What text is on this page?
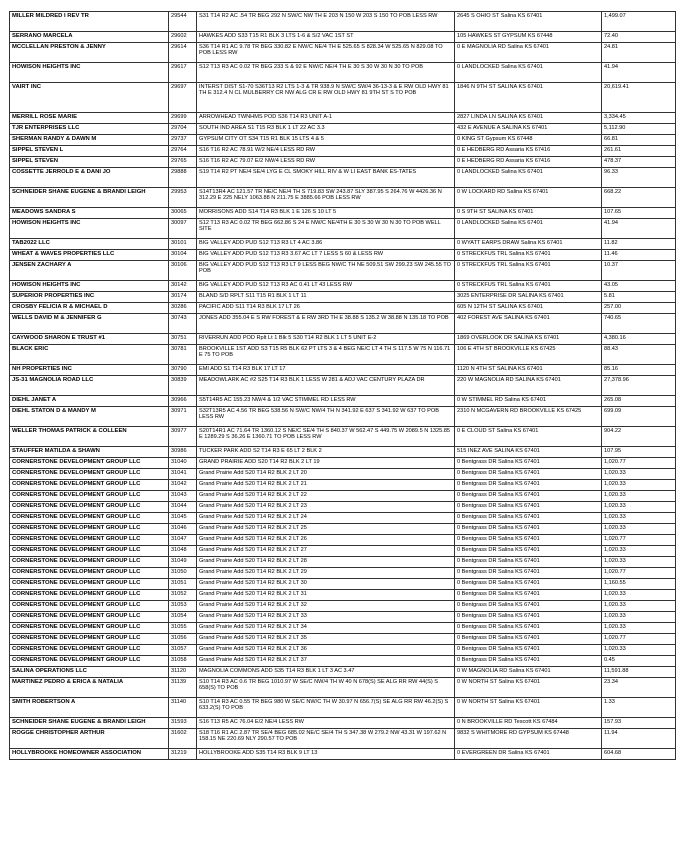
MILLER MILDRED I REV TR	29544	S31 T14 R2 AC .54 TR BEG 292 N SW/C NW TH E 203 N 150 W 203 S 150 TO POB LESS RW	2645 S OHIO ST Salina KS 67401	1,499.07
SERRANO MARCELA	29602	HAWKES ADD S33 T15 R1 BLK 3 LTS 1-6 & S/2 VAC 1ST ST	105 HAWKES ST GYPSUM KS 67448	72.40
MCCLELLAN PRESTON & JENNY	29614	S36 T14 R1 AC 9.78 TR BEG 330.82 E NW/C NE/4 TH E 525.65 S 828.34 W 525.65 N 829.08 TO POB LESS RW	0 E MAGNOLIA RD Salina KS 67401	24.81
HOWISON HEIGHTS INC	29617	S12 T13 R3 AC 0.02 TR BEG 233 S & 92 E NW/C NE/4 TH E 30 S 30 W 30 N 30 TO POB	0 LANDLOCKED Salina KS 67401	41.94
VAIRT INC	29697	INTERST DIST S1-70 S36T13 R2 LTS 1-3 & TR 938.9 N SW/C SW/4 36-13-3 & E RW OLD HWY 81 TH E 312.4 N CL MULBERRY CR NW ALG CR E RW OLD HWY 81 9TH ST S TO POB	1846 N 9TH ST SALINA KS 67401	20,619.41
MERRILL ROSE MARIE	29699	ARROWHEAD TWNHMS POD S36 T14 R3 UNIT A-1	2827 LINDA LN SALINA KS 67401	3,334.45
TJR ENTERPRISES LLC	29704	SOUTH IND AREA S1 T15 R3 BLK 1 LT 22 AC 3.3	432 E AVENUE A SALINA KS 67401	5,112.90
SHERMAN RANDY & DAWN M	29737	GYPSUM CITY OT S34 T15 R1 BLK 15 LTS 4 & 5	0 KING ST Gypsum KS 67448	66.81
SIPPEL STEVEN L	29764	S16 T16 R2 AC 78.91 W/2 NE/4 LESS RD RW	0 E HEDBERG RD Assaria KS 67416	261.61
SIPPEL STEVEN	29765	S16 T16 R2 AC 79.07 E/2 NW/4 LESS RD RW	0 E HEDBERG RD Assaria KS 67416	478.37
COSSETTE JERROLD E & DANI JO	29888	S19 T14 R2 PT NE/4 SE/4 LYG E CL SMOKY HILL RIV & W LI EAST BANK ES-TATES	0 LANDLOCKED Salina KS 67401	96.33
SCHNEIDER SHANE EUGENE & BRANDI LEIGH	29953	S14T13R4 AC 121.57 TR NE/C NE/4 TH S 719.83 SW 243.87 SLY 387.95 S 264.76 W 4426.36 N 312.29 E 225 NELY 1063.88 N 211.75 E 3885.66 POB LESS RW	0 W LOCKARD RD Salina KS 67401	668.22
MEADOWS SANDRA S	30065	MORRISONS ADD S14 T14 R3 BLK 1 E 126 S 10 LT 5	0 S 9TH ST SALINA KS 67401	107.65
HOWISON HEIGHTS INC	30097	S12 T13 R3 AC 0.02 TR BEG 662.86 S 24 E NW/C NE/4TH E 30 S 30 W 30 N 30 TO POB WELL SITE	0 LANDLOCKED Salina KS 67401	41.94
TAB2022 LLC	30101	BIG VALLEY ADD PUD S12 T13 R3 LT 4 AC 3.86	0 WYATT EARPS DRAW Salina KS 67401	11.82
WHEAT & WAVES PROPERTIES LLC	30104	BIG VALLEY ADD PUD S12 T13 R3 3.67 AC LT 7 LESS S 60 & LESS RW	0 STRECKFUS TRL Salina KS 67401	11.46
JENSEN ZACHARY A	30106	BIG VALLEY ADD PUD S12 T13 R3 LT 9 LESS BEG NW/C TH NE 509.51 SW 299.23 SW 245.55 TO POB	0 STRECKFUS TRL Salina KS 67401	10.37
HOWISON HEIGHTS INC	30142	BIG VALLEY ADD PUD S12 T13 R3 AC 0.41 LT 43 LESS RW	0 STRECKFUS TRL Salina KS 67401	43.05
SUPERIOR PROPERTIES INC	30174	BLAND S/D RPLT S11 T15 R1 BLK 1 LT 11	3025 ENTERPRISE DR SALINA KS 67401	5.81
CROSBY FELICIA R & MICHAEL D	30286	PACIFIC ADD S11 T14 R3 BLK 17 LT 26	605 N 12TH ST SALINA KS 67401	257.00
WELLS DAVID M & JENNIFER G	30743	JONES ADD 355.04 E S RW FOREST & E RW 3RD TH E 38.88 S 135.2 W 38.88 N 135.18 TO POB	402 FOREST AVE SALINA KS 67401	740.65
CAYWOOD SHARON E TRUST #1	30751	RIVERRUN ADD POD Rplt Lt 1 Blk 5 S30 T14 R2 BLK 1 LT 5 UNIT E-2	1869 OVERLOOK DR SALINA KS 67401	4,380.16
BLACK ERIC	30781	BROOKVILLE 1ST ADD S3 T15 R5 BLK 62 PT LTS 3 & 4 BEG NE/C LT 4 TH S 117.5 W 75 N 116.71 E 75 TO POB	106 E 4TH ST BROOKVILLE KS 67425	88.43
NH PROPERTIES INC	30790	EMI ADD S1 T14 R3 BLK 17 LT 17	1120 N 4TH ST SALINA KS 67401	85.16
JS-31 MAGNOLIA ROAD LLC	30839	MEADOWLARK AC #2 S25 T14 R3 BLK 1 LESS W 281 & ADJ VAC CENTURY PLAZA DR	220 W MAGNOLIA RD SALINA KS 67401	27,378.96
DIEHL JANET A	30966	S5T14R5 AC 155.23 NW/4 & 1/2 VAC STIMMEL RD LESS RW	0 W STIMMEL RD Salina KS 67401	265.08
DIEHL STATON D & MANDY M	30971	S32T13R5 AC 4.56 TR BEG 538.56 N SW/C NW/4 TH N 341.92 E 637 S 341.92 W 637 TO POB LESS RW	2310 N MCGAVERN RD BROOKVILLE KS 67425	699.09
WELLER THOMAS PATRICK & COLLEEN	30977	S20T14R1 AC 71.64 TR 1360.12 S NE/C SE/4 TH S 840.37 W 562.47 S 449.75 W 2089.5 N 1325.85 E 1289.29 S 36.26 E 1360.71 TO POB LESS RW	0 E CLOUD ST Salina KS 67401	904.22
STAUFFER MATILDA & SHAWN	30986	TUCKER PARK ADD S2 T14 R3 E 65 LT 2 BLK 2	515 INEZ AVE SALINA KS 67401	107.95
CORNERSTONE DEVELOPMENT GROUP LLC	31040	GRAND PRAIRIE ADD S20 T14 R2 BLK 2 LT 19	0 Bentgrass DR Salina KS 67401	1,020.77
CORNERSTONE DEVELOPMENT GROUP LLC	31041	Grand Prairie Add S20 T14 R2 BLK 2 LT 20	0 Bentgrass DR Salina KS 67401	1,020.33
CORNERSTONE DEVELOPMENT GROUP LLC	31042	Grand Prairie Add S20 T14 R2 BLK 2 LT 21	0 Bentgrass DR Salina KS 67401	1,020.33
CORNERSTONE DEVELOPMENT GROUP LLC	31043	Grand Prairie Add S20 T14 R2 BLK 2 LT 22	0 Bentgrass DR Salina KS 67401	1,020.33
CORNERSTONE DEVELOPMENT GROUP LLC	31044	Grand Prairie Add S20 T14 R2 BLK 2 LT 23	0 Bentgrass DR Salina KS 67401	1,020.33
CORNERSTONE DEVELOPMENT GROUP LLC	31045	Grand Prairie Add S20 T14 R2 BLK 2 LT 24	0 Bentgrass DR Salina KS 67401	1,020.33
CORNERSTONE DEVELOPMENT GROUP LLC	31046	Grand Prairie Add S20 T14 R2 BLK 2 LT 25	0 Bentgrass DR Salina KS 67401	1,020.33
CORNERSTONE DEVELOPMENT GROUP LLC	31047	Grand Prairie Add S20 T14 R2 BLK 2 LT 26	0 Bentgrass DR Salina KS 67401	1,020.77
CORNERSTONE DEVELOPMENT GROUP LLC	31048	Grand Prairie Add S20 T14 R2 BLK 2 LT 27	0 Bentgrass DR Salina KS 67401	1,020.33
CORNERSTONE DEVELOPMENT GROUP LLC	31049	Grand Prairie Add S20 T14 R2 BLK 2 LT 28	0 Bentgrass DR Salina KS 67401	1,020.33
CORNERSTONE DEVELOPMENT GROUP LLC	31050	Grand Prairie Add S20 T14 R2 BLK 2 LT 29	0 Bentgrass DR Salina KS 67401	1,020.77
CORNERSTONE DEVELOPMENT GROUP LLC	31051	Grand Prairie Add S20 T14 R2 BLK 2 LT 30	0 Bentgrass DR Salina KS 67401	1,160.55
CORNERSTONE DEVELOPMENT GROUP LLC	31052	Grand Prairie Add S20 T14 R2 BLK 2 LT 31	0 Bentgrass DR Salina KS 67401	1,020.33
CORNERSTONE DEVELOPMENT GROUP LLC	31053	Grand Prairie Add S20 T14 R2 BLK 2 LT 32	0 Bentgrass DR Salina KS 67401	1,020.33
CORNERSTONE DEVELOPMENT GROUP LLC	31054	Grand Prairie Add S20 T14 R2 BLK 2 LT 33	0 Bentgrass DR Salina KS 67401	1,020.33
CORNERSTONE DEVELOPMENT GROUP LLC	31055	Grand Prairie Add S20 T14 R2 BLK 2 LT 34	0 Bentgrass DR Salina KS 67401	1,020.33
CORNERSTONE DEVELOPMENT GROUP LLC	31056	Grand Prairie Add S20 T14 R2 BLK 2 LT 35	0 Bentgrass DR Salina KS 67401	1,020.77
CORNERSTONE DEVELOPMENT GROUP LLC	31057	Grand Prairie Add S20 T14 R2 BLK 2 LT 36	0 Bentgrass DR Salina KS 67401	1,020.33
CORNERSTONE DEVELOPMENT GROUP LLC	31058	Grand Prairie Add S20 T14 R2 BLK 2 LT 37	0 Bentgrass DR Salina KS 67401	0.45
SALINA OPERATIONS LLC	31120	MAGNOLIA COMMONS ADD S35 T14 R3 BLK 1 LT 3 AC 3.47	0 W MAGNOLIA RD Salina KS 67401	11,591.88
MARTINEZ PEDRO & ERICA & NATALIA	31139	S10 T14 R3 AC 0.6 TR BEG 1010.97 W SE/C NW/4 TH W 40 N 678(S) SE ALG RR RW 44(S) S 658(S) TO POB	0 W NORTH ST Salina KS 67401	23.34
SMITH ROBERTSON A	31140	S10 T14 R3 AC 0.55 TR BEG 980 W SE/C NW/C TH W 30.97 N 656.7(S) SE ALG RR RW 46.2(S) S 633.2(S) TO POB	0 W NORTH ST Salina KS 67401	1.33
SCHNEIDER SHANE EUGENE & BRANDI LEIGH	31593	S16 T13 R5 AC 76.04 E/2 NE/4 LESS RW	0 N BROOKVILLE RD Tescott KS 67484	157.93
ROGGE CHRISTOPHER ARTHUR	31602	S18 T16 R1 AC 2.87 TR SE/4 BEG 685.02 NE/C SE/4 TH S 347.38 W 279.2 NW 43.31 W 197.62 N 158.15 NE 220.69 NLY 290.57 TO POB	9832 S WHITMORE RD GYPSUM KS 67448	11.94
HOLLYBROOKE HOMEOWNER ASSOCIATION	31219	HOLLYBROOKE ADD S35 T14 R3 BLK 9 LT 13	0 EVERGREEN DR Salina KS 67401	604.68
